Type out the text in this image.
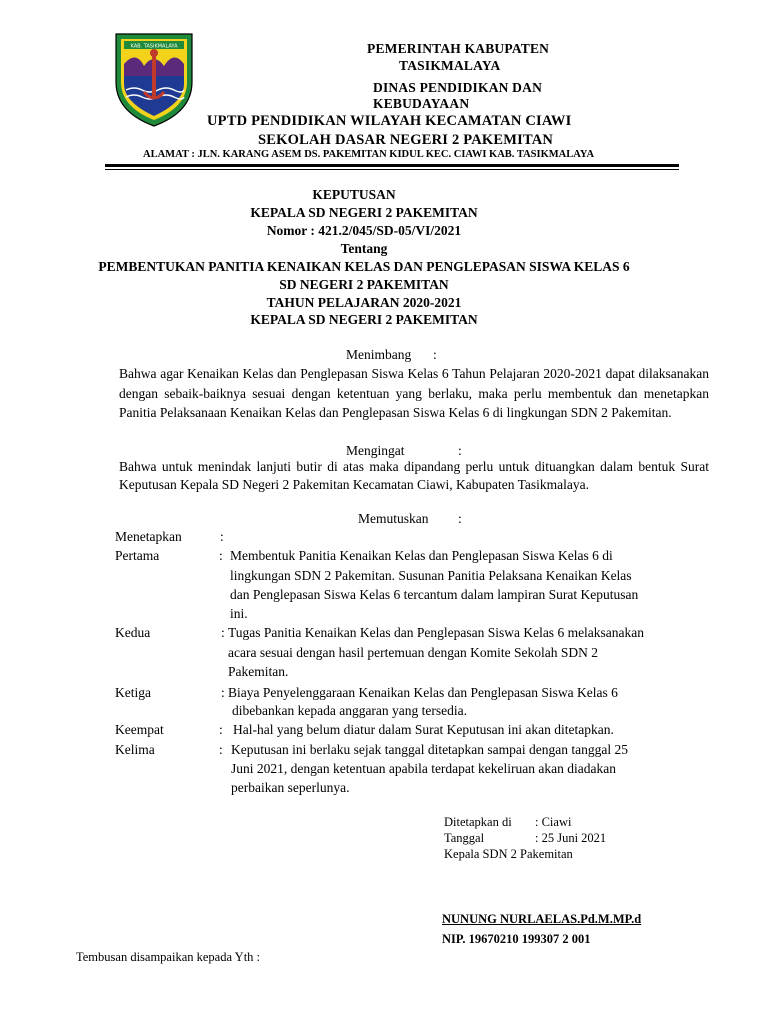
KAB. TASIKMALAYA	PEMERINTAH KABUPATEN
TASIKMALAYA
DINAS PENDIDIKAN DAN
KEBUDAYAAN
UPTD PENDIDIKAN WILAYAH KECAMATAN CIAWI
SEKOLAH DASAR NEGERI 2 PAKEMITAN
ALAMAT : JLN. KARANG ASEM DS. PAKEMITAN KIDUL KEC. CIAWI KAB. TASIKMALAYA
KEPUTUSAN
KEPALA SD NEGERI 2 PAKEMITAN
Nomor : 421.2/045/SD-05/VI/2021
Tentang
PEMBENTUKAN PANITIA KENAIKAN KELAS DAN PENGLEPASAN SISWA KELAS 6
SD NEGERI 2 PAKEMITAN
TAHUN PELAJARAN 2020-2021
KEPALA SD NEGERI 2 PAKEMITAN
Menimbang :
Bahwa agar Kenaikan Kelas dan Penglepasan Siswa Kelas 6 Tahun Pelajaran 2020-2021 dapat dilaksanakan dengan sebaik-baiknya sesuai dengan ketentuan yang berlaku, maka perlu membentuk dan menetapkan Panitia Pelaksanaan Kenaikan Kelas dan Penglepasan Siswa Kelas 6 di lingkungan SDN 2 Pakemitan.
Mengingat	:
Bahwa untuk menindak lanjuti butir di atas maka dipandang perlu untuk dituangkan dalam bentuk Surat Keputusan Kepala SD Negeri 2 Pakemitan Kecamatan Ciawi, Kabupaten Tasikmalaya.
Memutuskan :
Menetapkan	:
Pertama	: Membentuk Panitia Kenaikan Kelas dan Penglepasan Siswa Kelas 6 di
lingkungan SDN 2 Pakemitan. Susunan Panitia Pelaksana Kenaikan Kelas
dan Penglepasan Siswa Kelas 6 tercantum dalam lampiran Surat Keputusan
ini.
Kedua	: Tugas Panitia Kenaikan Kelas dan Penglepasan Siswa Kelas 6 melaksanakan
acara sesuai dengan hasil pertemuan dengan Komite Sekolah SDN 2
Pakemitan.
Ketiga	: Biaya Penyelenggaraan Kenaikan Kelas dan Penglepasan Siswa Kelas 6
dibebankan kepada anggaran yang tersedia.
Keempat	: Hal-hal yang belum diatur dalam Surat Keputusan ini akan ditetapkan.
Kelima	: Keputusan ini berlaku sejak tanggal ditetapkan sampai dengan tanggal 25
Juni 2021, dengan ketentuan apabila terdapat kekeliruan akan diadakan
perbaikan seperlunya.
Ditetapkan di : Ciawi
Tanggal	: 25 Juni 2021
Kepala SDN 2 Pakemitan
NUNUNG NURLAELAS.Pd.M.MP.d
NIP. 19670210 199307 2 001
Tembusan disampaikan kepada Yth :
